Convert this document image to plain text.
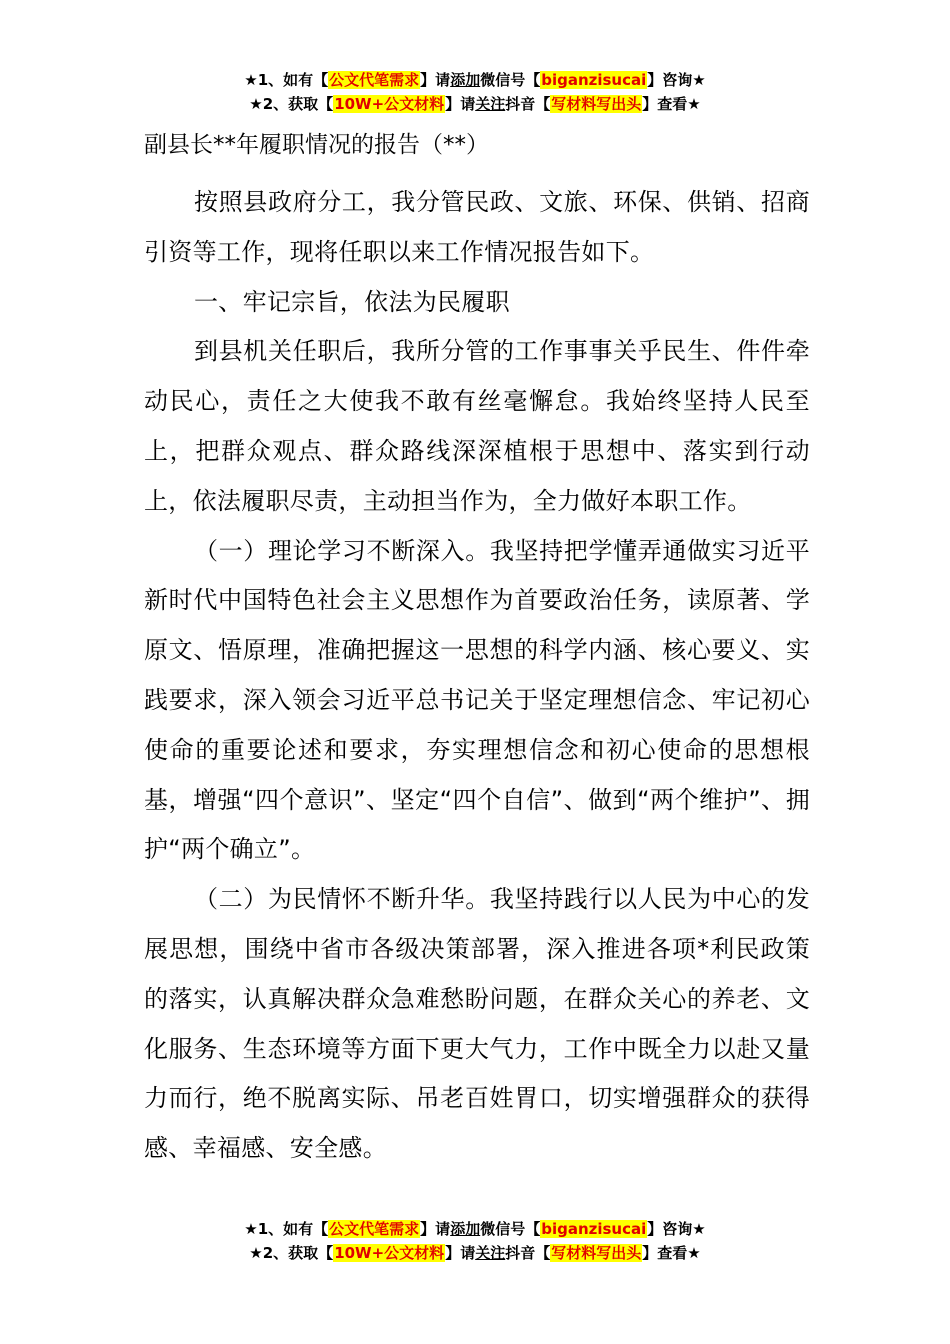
★1、如有【公文代笔需求】请添加微信号【biganzisucai】咨询★
★2、获取【10W+公文材料】请关注抖音【写材料写出头】查看★
副县长**年履职情况的报告（**）

按照县政府分工，我分管民政、文旅、环保、供销、招商引资等工作，现将任职以来工作情况报告如下。

一、牢记宗旨，依法为民履职

到县机关任职后，我所分管的工作事事关乎民生、件件牵动民心，责任之大使我不敢有丝毫懈怠。我始终坚持人民至上，把群众观点、群众路线深深植根于思想中、落实到行动上，依法履职尽责，主动担当作为，全力做好本职工作。

（一）理论学习不断深入。我坚持把学懂弄通做实习近平新时代中国特色社会主义思想作为首要政治任务，读原著、学原文、悟原理，准确把握这一思想的科学内涵、核心要义、实践要求，深入领会习近平总书记关于坚定理想信念、牢记初心使命的重要论述和要求，夯实理想信念和初心使命的思想根基，增强“四个意识”、坚定“四个自信”、做到“两个维护”、拥护“两个确立”。

（二）为民情怀不断升华。我坚持践行以人民为中心的发展思想，围绕中省市各级决策部署，深入推进各项*利民政策的落实，认真解决群众急难愁盼问题，在群众关心的养老、文化服务、生态环境等方面下更大气力，工作中既全力以赴又量力而行，绝不脱离实际、吊老百姓胃口，切实增强群众的获得感、幸福感、安全感。

★1、如有【公文代笔需求】请添加微信号【biganzisucai】咨询★
★2、获取【10W+公文材料】请关注抖音【写材料写出头】查看★
